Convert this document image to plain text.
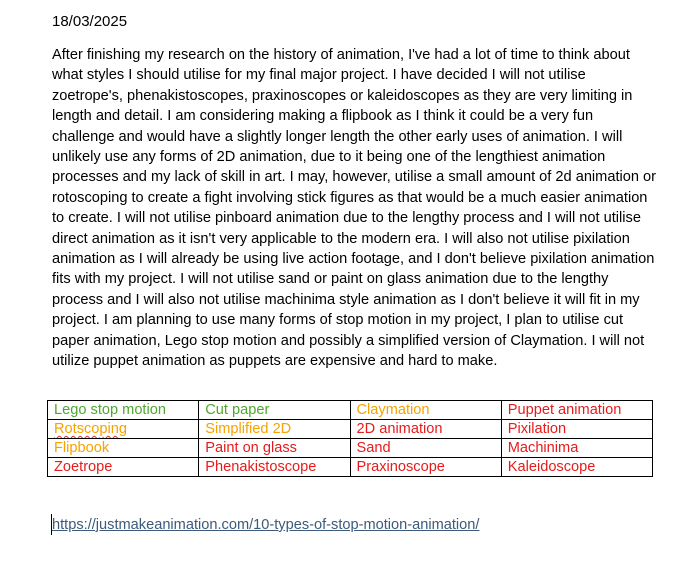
18/03/2025

After finishing my research on the history of animation, I've had a lot of time to think about what styles I should utilise for my final major project. I have decided I will not utilise zoetrope's, phenakistoscopes, praxinoscopes or kaleidoscopes as they are very limiting in length and detail. I am considering making a flipbook as I think it could be a very fun challenge and would have a slightly longer length the other early uses of animation. I will unlikely use any forms of 2D animation, due to it being one of the lengthiest animation processes and my lack of skill in art. I may, however, utilise a small amount of 2d animation or rotoscoping to create a fight involving stick figures as that would be a much easier animation to create. I will not utilise pinboard animation due to the lengthy process and I will not utilise direct animation as it isn't very applicable to the modern era. I will also not utilise pixilation animation as I will already be using live action footage, and I don't believe pixilation animation fits with my project. I will not utilise sand or paint on glass animation due to the lengthy process and I will also not utilise machinima style animation as I don't believe it will fit in my project. I am planning to use many forms of stop motion in my project, I plan to utilise cut paper animation, Lego stop motion and possibly a simplified version of Claymation. I will not utilize puppet animation as puppets are expensive and hard to make.

Lego stop motion	Cut paper	Claymation	Puppet animation
Rotscoping	Simplified 2D	2D animation	Pixilation
Flipbook	Paint on glass	Sand	Machinima
Zoetrope	Phenakistoscope	Praxinoscope	Kaleidoscope
https://justmakeanimation.com/10-types-of-stop-motion-animation/
